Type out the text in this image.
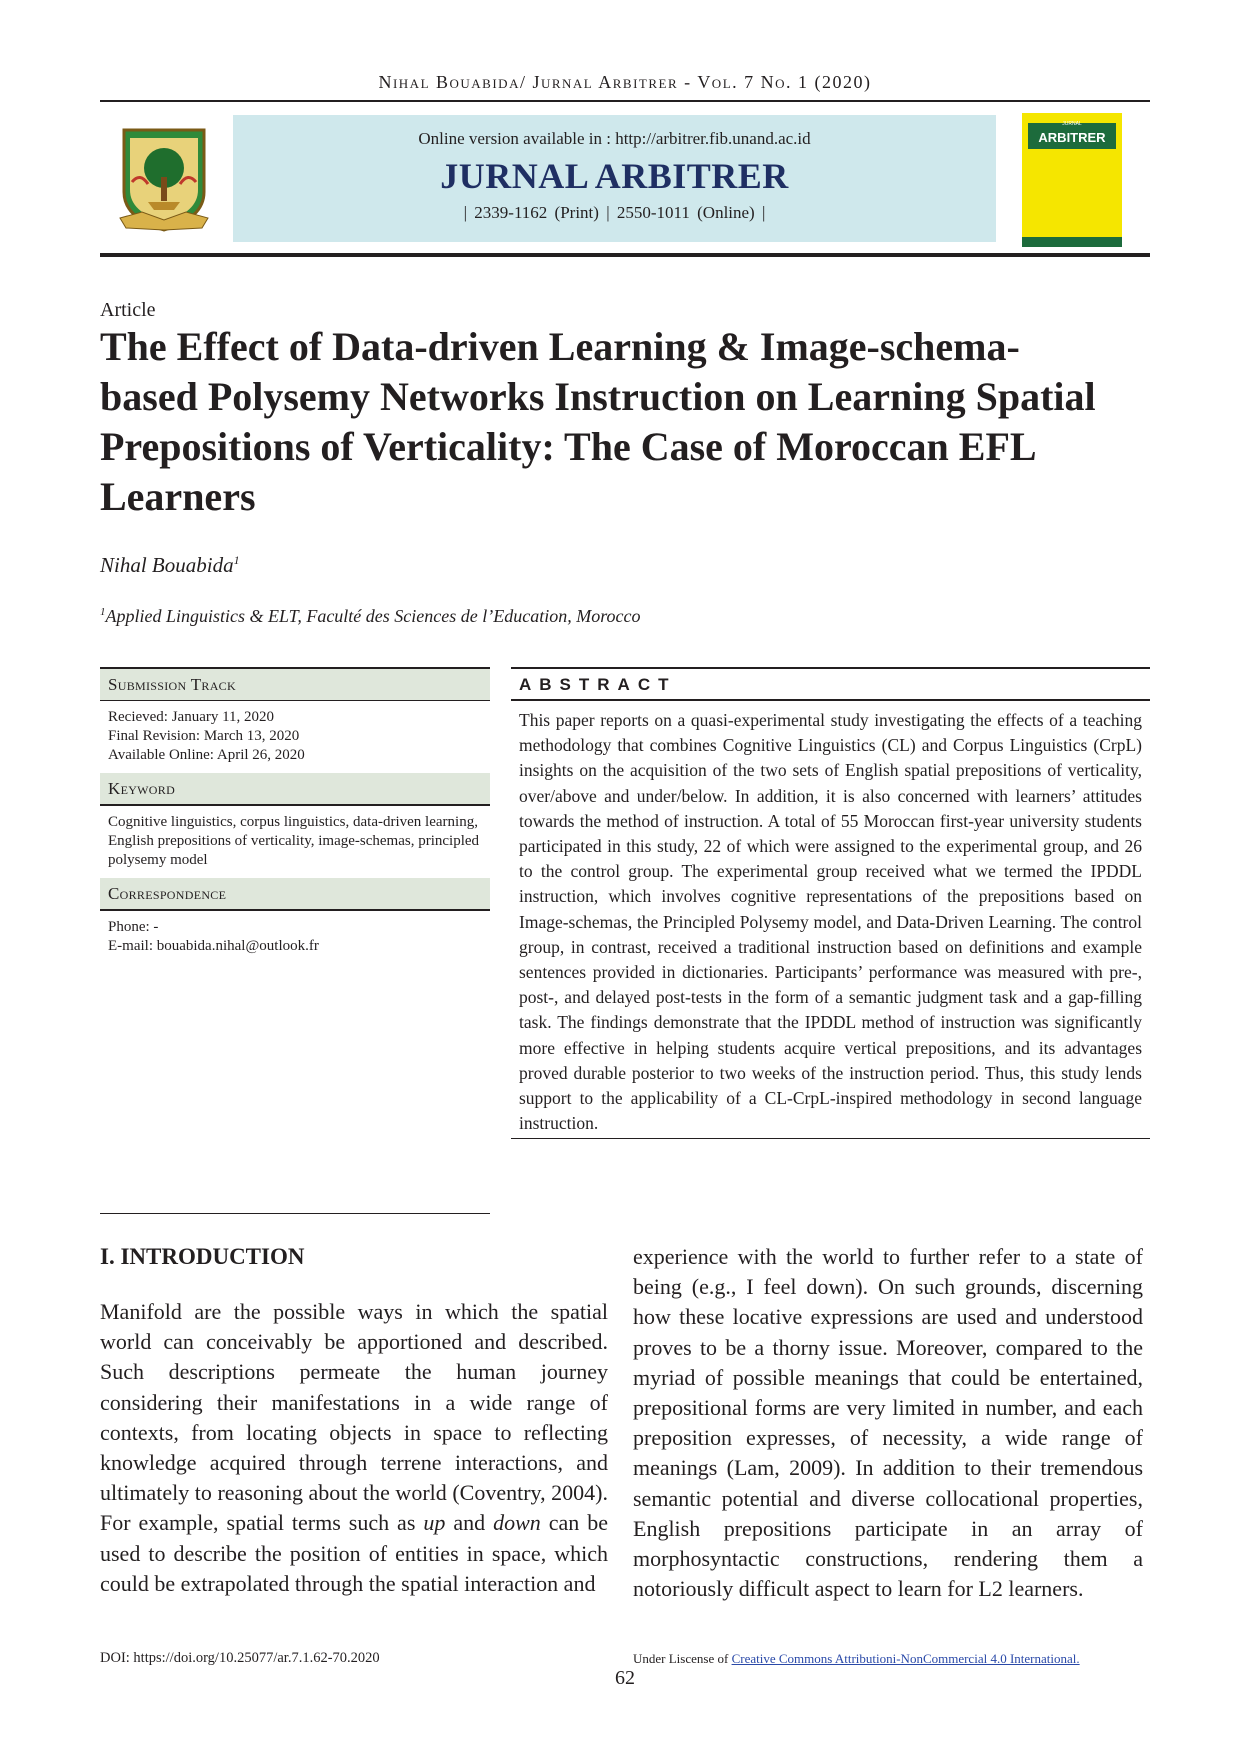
Nihal Bouabida/ Jurnal Arbitrer - Vol. 7 No. 1 (2020)
Online version available in : http://arbitrer.fib.unand.ac.id
JURNAL ARBITRER
| 2339-1162 (Print) | 2550-1011 (Online) |
ARBITRER
JURNAL
Article
The Effect of Data-driven Learning & Image-schema-based Polysemy Networks Instruction on Learning Spatial Prepositions of Verticality: The Case of Moroccan EFL Learners
Nihal Bouabida$^1$
$^1$Applied Linguistics & ELT, Faculté des Sciences de l’Education, Morocco
Submission Track
Recieved: January 11, 2020
Final Revision: March 13, 2020
Available Online: April 26, 2020
Keyword
Cognitive linguistics, corpus linguistics, data-driven learning, English prepositions of verticality, image-schemas, principled polysemy model
Correspondence
Phone: -
E-mail: bouabida.nihal@outlook.fr
ABSTRACT
This paper reports on a quasi-experimental study investigating the effects of a teaching methodology that combines Cognitive Linguistics (CL) and Corpus Linguistics (CrpL) insights on the acquisition of the two sets of English spatial prepositions of verticality, over/above and under/below. In addition, it is also concerned with learners’ attitudes towards the method of instruction. A total of 55 Moroccan first-year university students participated in this study, 22 of which were assigned to the experimental group, and 26 to the control group. The experimental group received what we termed the IPDDL instruction, which involves cognitive representations of the prepositions based on Image-schemas, the Principled Polysemy model, and Data-Driven Learning. The control group, in contrast, received a traditional instruction based on definitions and example sentences provided in dictionaries. Participants’ performance was measured with pre-, post-, and delayed post-tests in the form of a semantic judgment task and a gap-filling task. The findings demonstrate that the IPDDL method of instruction was significantly more effective in helping students acquire vertical prepositions, and its advantages proved durable posterior to two weeks of the instruction period. Thus, this study lends support to the applicability of a CL-CrpL-inspired methodology in second language instruction.
I. INTRODUCTION
Manifold are the possible ways in which the spatial world can conceivably be apportioned and described. Such descriptions permeate the human journey considering their manifestations in a wide range of contexts, from locating objects in space to reflecting knowledge acquired through terrene interactions, and ultimately to reasoning about the world (Coventry, 2004). For example, spatial terms such as up and down can be used to describe the position of entities in space, which could be extrapolated through the spatial interaction and
experience with the world to further refer to a state of being (e.g., I feel down). On such grounds, discerning how these locative expressions are used and understood proves to be a thorny issue. Moreover, compared to the myriad of possible meanings that could be entertained, prepositional forms are very limited in number, and each preposition expresses, of necessity, a wide range of meanings (Lam, 2009). In addition to their tremendous semantic potential and diverse collocational properties, English prepositions participate in an array of morphosyntactic constructions, rendering them a notoriously difficult aspect to learn for L2 learners.
DOI: https://doi.org/10.25077/ar.7.1.62-70.2020	Under Liscense of Creative Commons Attributioni-NonCommercial 4.0 International.
62
